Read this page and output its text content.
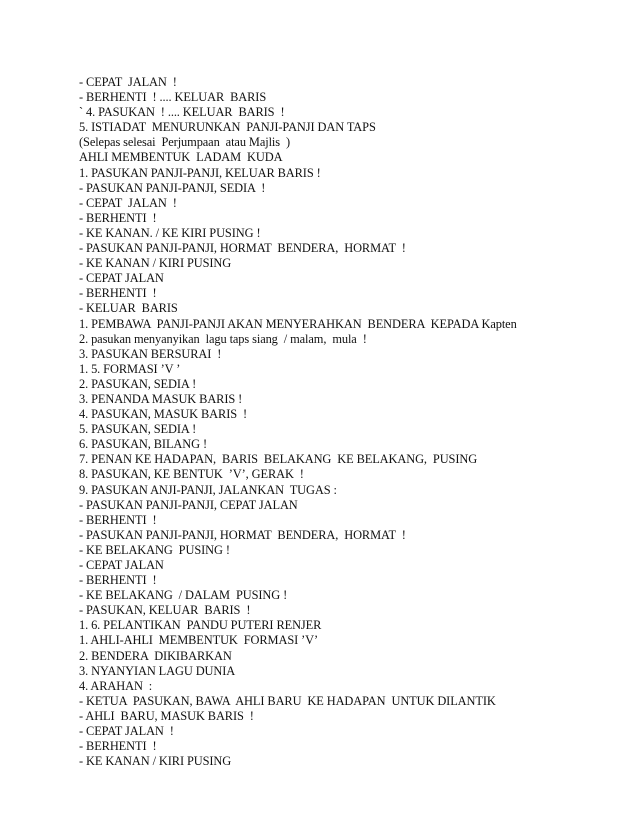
- CEPAT  JALAN  !
- BERHENTI  ! .... KELUAR  BARIS
` 4. PASUKAN  ! .... KELUAR  BARIS  !
5. ISTIADAT  MENURUNKAN  PANJI-PANJI DAN TAPS
(Selepas selesai  Perjumpaan  atau Majlis  )
AHLI MEMBENTUK  LADAM  KUDA
1. PASUKAN PANJI-PANJI, KELUAR BARIS !
- PASUKAN PANJI-PANJI, SEDIA  !
- CEPAT  JALAN  !
- BERHENTI  !
- KE KANAN. / KE KIRI PUSING !
- PASUKAN PANJI-PANJI, HORMAT  BENDERA,  HORMAT  !
- KE KANAN / KIRI PUSING
- CEPAT JALAN
- BERHENTI  !
- KELUAR  BARIS
1. PEMBAWA  PANJI-PANJI AKAN MENYERAHKAN  BENDERA  KEPADA Kapten
2. pasukan menyanyikan  lagu taps siang  / malam,  mula  !
3. PASUKAN BERSURAI  !
1. 5. FORMASI ’V ’
2. PASUKAN, SEDIA !
3. PENANDA MASUK BARIS !
4. PASUKAN, MASUK BARIS  !
5. PASUKAN, SEDIA !
6. PASUKAN, BILANG !
7. PENAN KE HADAPAN,  BARIS  BELAKANG  KE BELAKANG,  PUSING
8. PASUKAN, KE BENTUK  ’V’, GERAK  !
9. PASUKAN ANJI-PANJI, JALANKAN  TUGAS :
- PASUKAN PANJI-PANJI, CEPAT JALAN
- BERHENTI  !
- PASUKAN PANJI-PANJI, HORMAT  BENDERA,  HORMAT  !
- KE BELAKANG  PUSING !
- CEPAT JALAN
- BERHENTI  !
- KE BELAKANG  / DALAM  PUSING !
- PASUKAN, KELUAR  BARIS  !
1. 6. PELANTIKAN  PANDU PUTERI RENJER
1. AHLI-AHLI  MEMBENTUK  FORMASI ’V’
2. BENDERA  DIKIBARKAN
3. NYANYIAN LAGU DUNIA
4. ARAHAN  :
- KETUA  PASUKAN, BAWA  AHLI BARU  KE HADAPAN  UNTUK DILANTIK
- AHLI  BARU, MASUK BARIS  !
- CEPAT JALAN  !
- BERHENTI  !
- KE KANAN / KIRI PUSING
